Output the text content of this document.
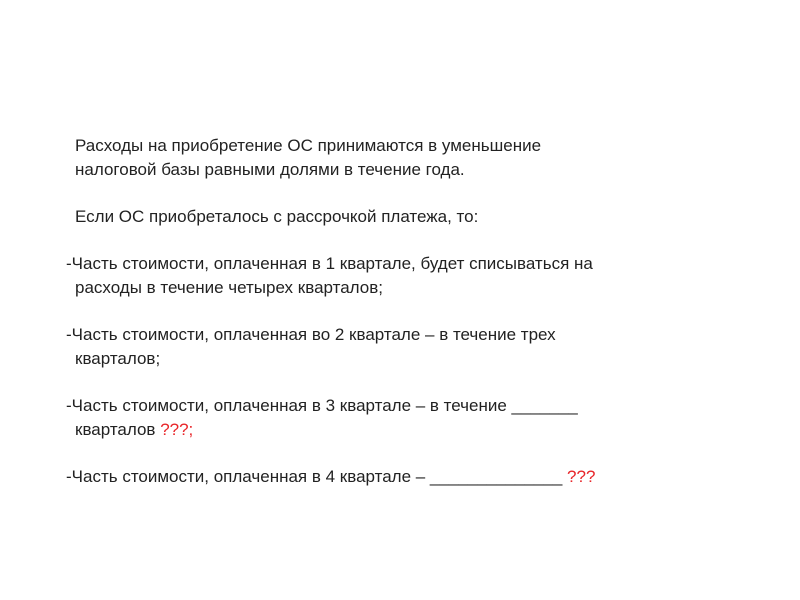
Расходы на приобретение ОС принимаются в уменьшение
налоговой базы равными долями в течение года.
Если ОС приобреталось с рассрочкой платежа, то:
-Часть стоимости, оплаченная в 1 квартале, будет списываться на
расходы в течение четырех кварталов;
-Часть стоимости, оплаченная во 2 квартале – в течение трех
кварталов;
-Часть стоимости, оплаченная в 3 квартале – в течение _______
кварталов ???;
-Часть стоимости, оплаченная в 4 квартале – ______________ ???
